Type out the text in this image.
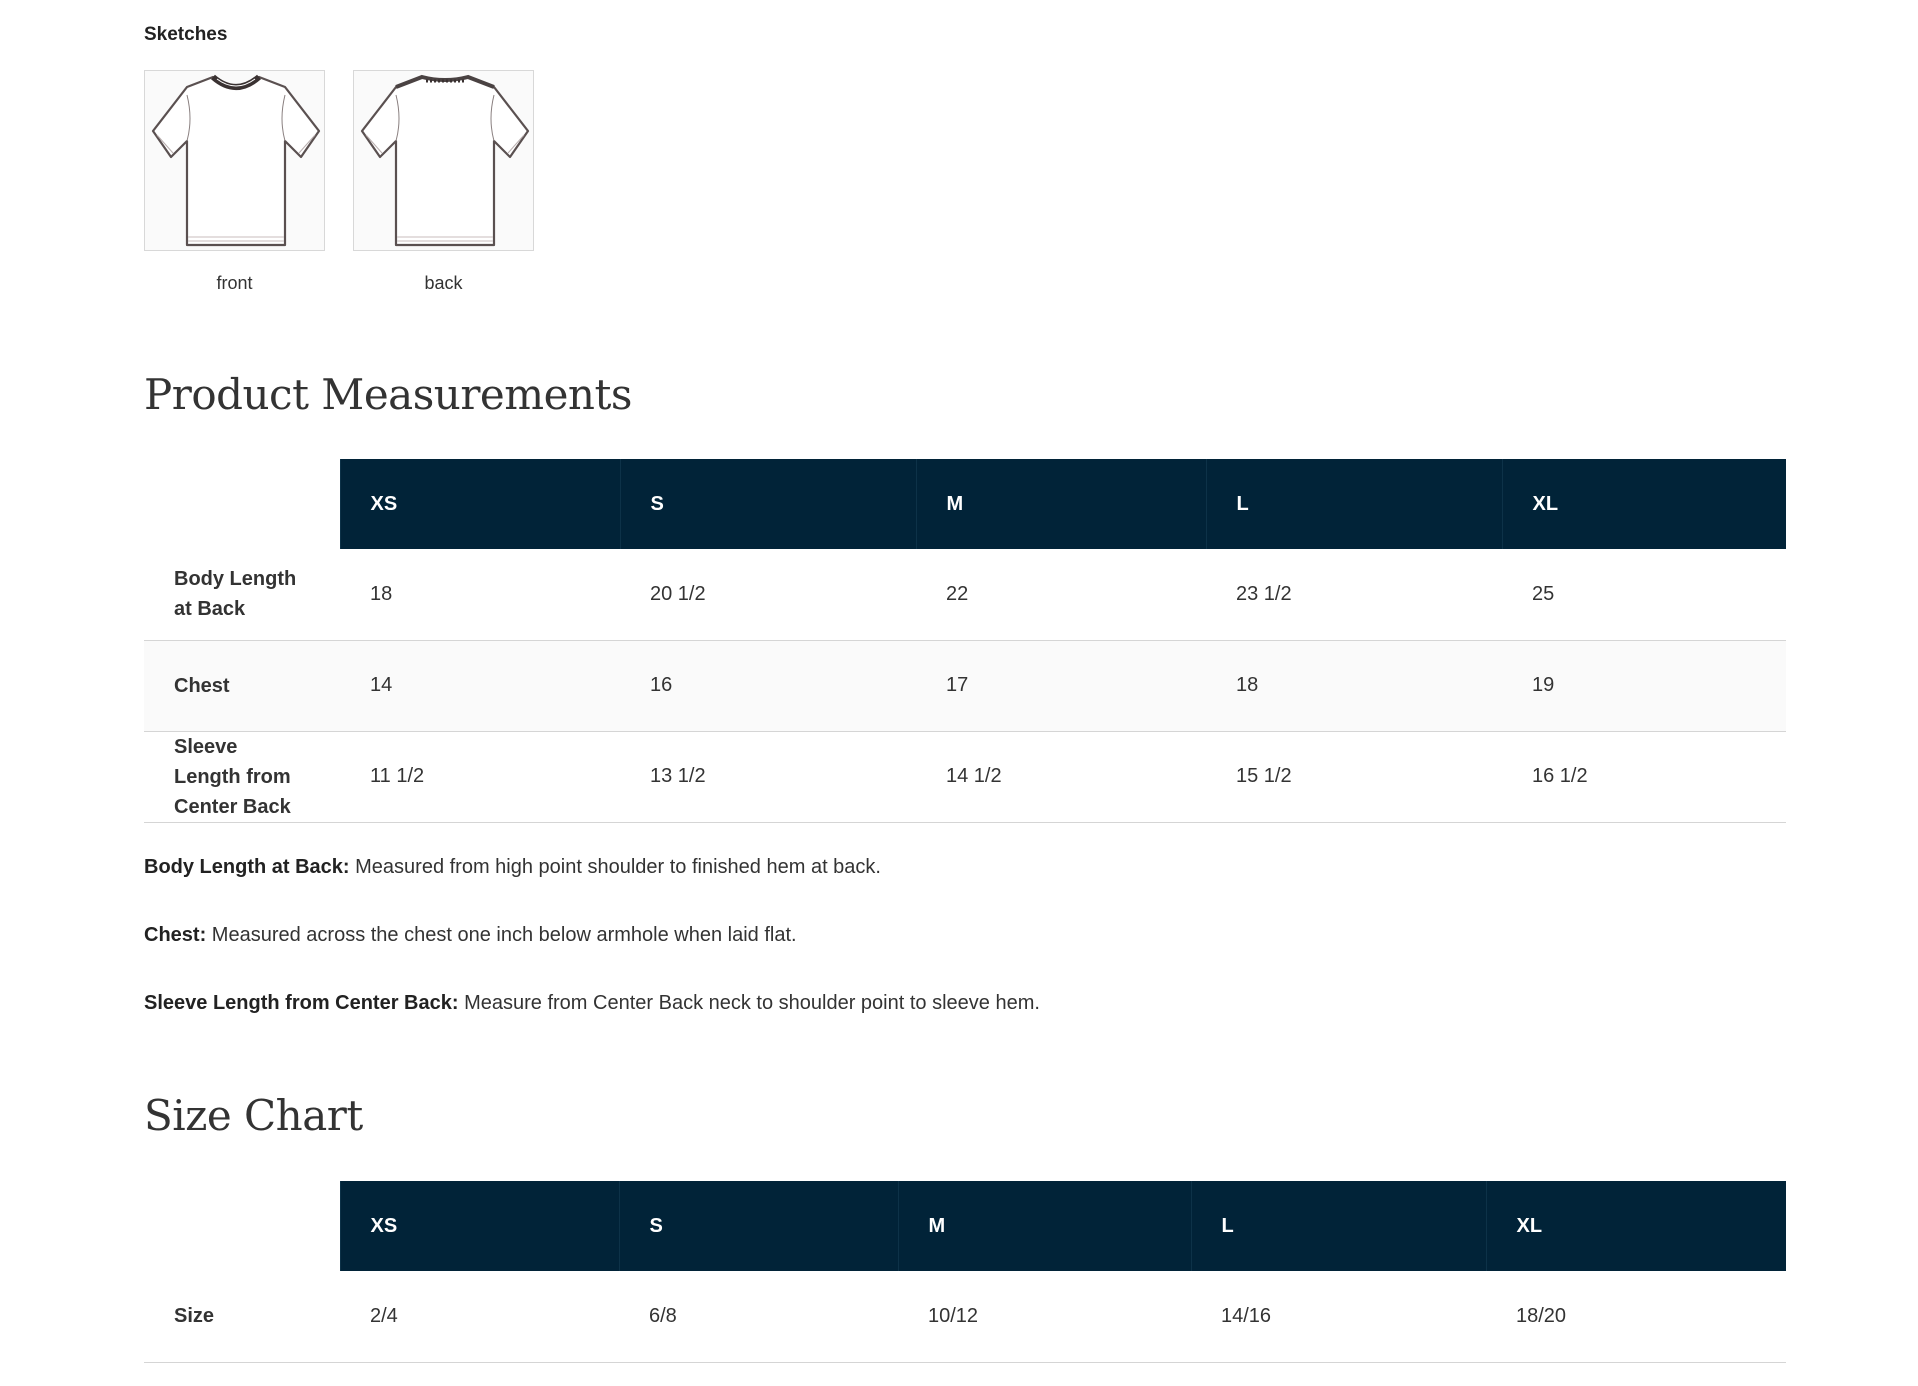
Sketches
front	back
Product Measurements
	XS	S	M	L	XL

Body Length at Back	18	20 1/2	22	23 1/2	25
Chest	14	16	17	18	19

Sleeve Length from Center Back	11 1/2	13 1/2	14 1/2	15 1/2	16 1/2

Body Length at Back: Measured from high point shoulder to finished hem at back.

Chest: Measured across the chest one inch below armhole when laid flat.

Sleeve Length from Center Back: Measure from Center Back neck to shoulder point to sleeve hem.

Size Chart
	XS	S	M	L	XL
Size	2/4	6/8	10/12	14/16	18/20
